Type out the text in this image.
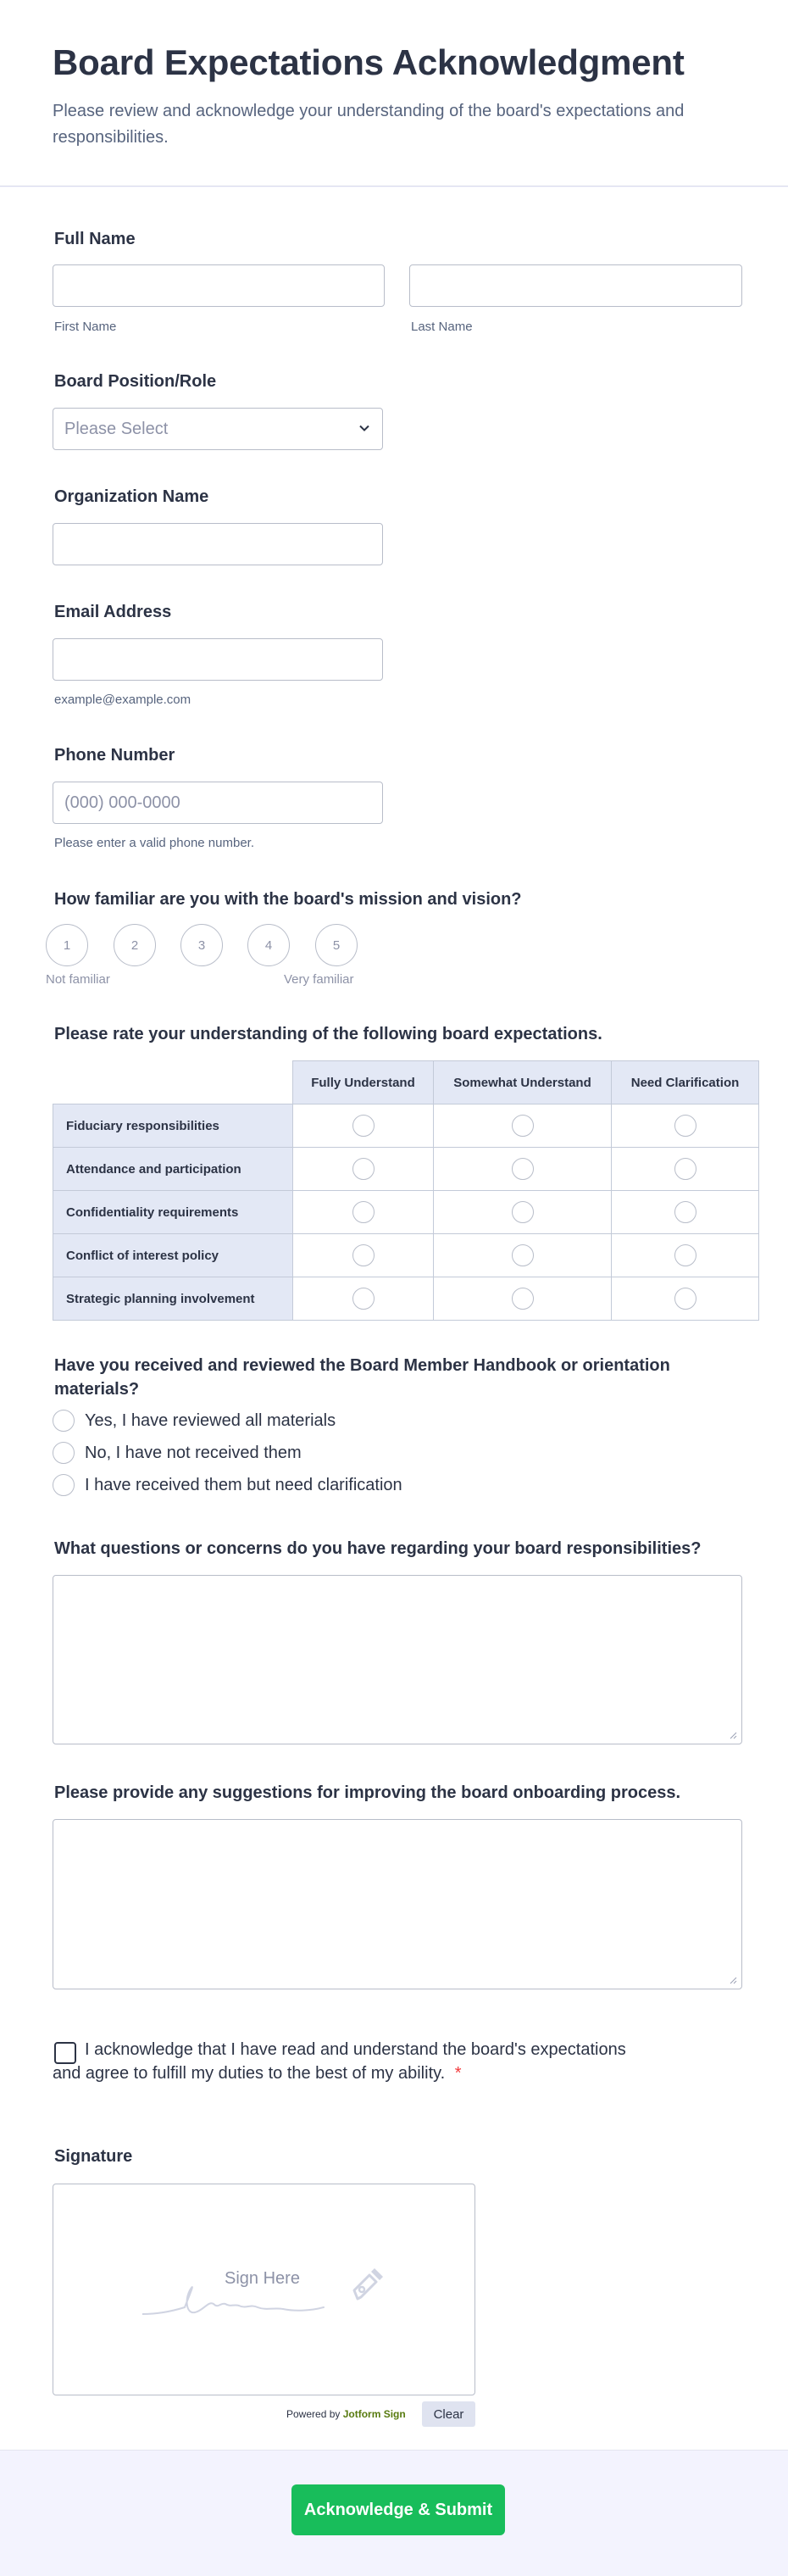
Board Expectations Acknowledgment

Please review and acknowledge your understanding of the board's expectations and responsibilities.

Full Name
First Name	Last Name
Board Position/Role
Please Select
Organization Name
Email Address
example@example.com
Phone Number
(000) 000-0000
Please enter a valid phone number.
How familiar are you with the board's mission and vision?
1	2	3	4	5
Not familiar	Very familiar
Please rate your understanding of the following board expectations.
	Fully Understand	Somewhat Understand	Need Clarification
Fiduciary responsibilities			
Attendance and participation			
Confidentiality requirements			
Conflict of interest policy			
Strategic planning involvement			
Have you received and reviewed the Board Member Handbook or orientation materials?
Yes, I have reviewed all materials
No, I have not received them
I have received them but need clarification
What questions or concerns do you have regarding your board responsibilities?
Please provide any suggestions for improving the board onboarding process.
I acknowledge that I have read and understand the board's expectations
and agree to fulfill my duties to the best of my ability. *
Signature
Sign Here
Powered by Jotform Sign	Clear
Acknowledge & Submit
